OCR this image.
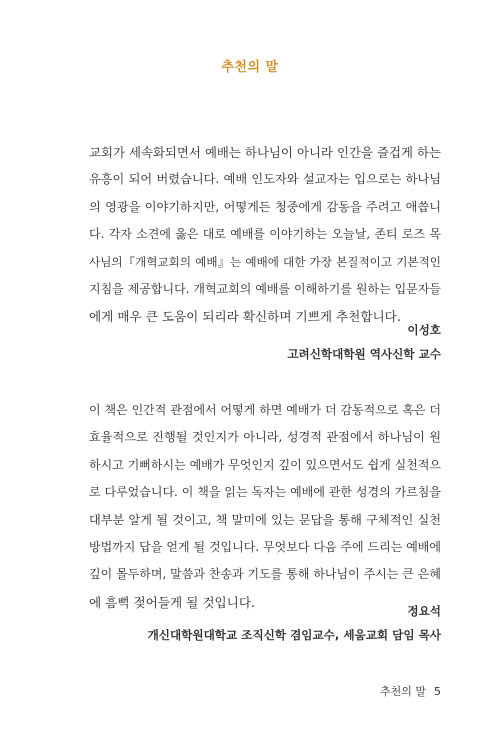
추천의 말
교회가 세속화되면서 예배는 하나님이 아니라 인간을 즐겁게 하는
유흥이 되어 버렸습니다. 예배 인도자와 설교자는 입으로는 하나님
의 영광을 이야기하지만, 어떻게든 청중에게 감동을 주려고 애씁니
다. 각자 소견에 옳은 대로 예배를 이야기하는 오늘날, 존티 로즈 목
사님의『개혁교회의 예배』는 예배에 대한 가장 본질적이고 기본적인
지침을 제공합니다. 개혁교회의 예배를 이해하기를 원하는 입문자들
에게 매우 큰 도움이 되리라 확신하며 기쁘게 추천합니다.
이성호
고려신학대학원 역사신학 교수
이 책은 인간적 관점에서 어떻게 하면 예배가 더 감동적으로 혹은 더
효율적으로 진행될 것인지가 아니라, 성경적 관점에서 하나님이 원
하시고 기뻐하시는 예배가 무엇인지 깊이 있으면서도 쉽게 실천적으
로 다루었습니다. 이 책을 읽는 독자는 예배에 관한 성경의 가르침을
대부분 알게 될 것이고, 책 말미에 있는 문답을 통해 구체적인 실천
방법까지 답을 얻게 될 것입니다. 무엇보다 다음 주에 드리는 예배에
깊이 몰두하며, 말씀과 찬송과 기도를 통해 하나님이 주시는 큰 은혜
에 흠뻑 젖어들게 될 것입니다.
정요석
개신대학원대학교 조직신학 겸임교수, 세움교회 담임 목사
추천의 말 5
